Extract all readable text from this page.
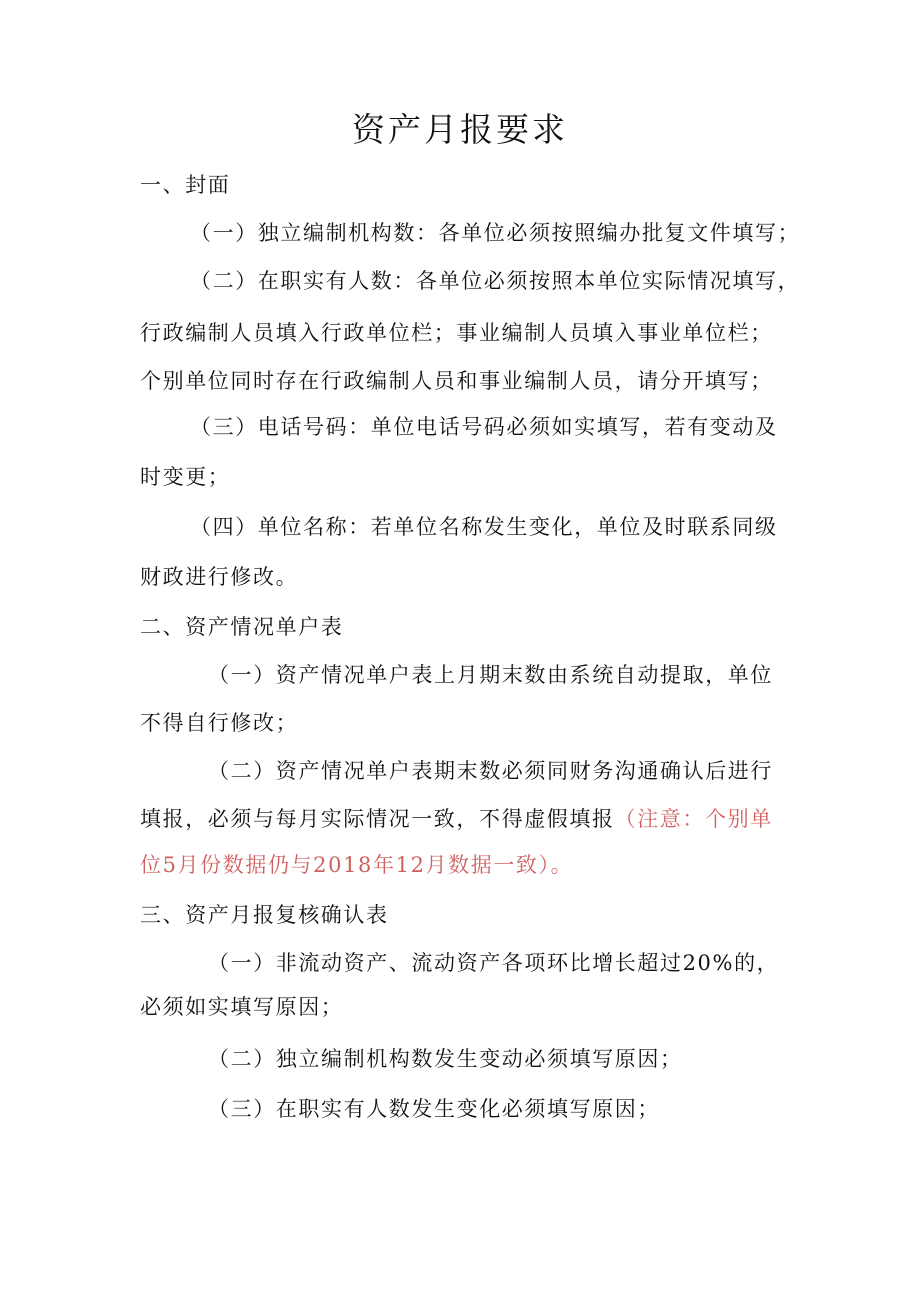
资产月报要求
一、封面
（一）独立编制机构数：各单位必须按照编办批复文件填写；
（二）在职实有人数：各单位必须按照本单位实际情况填写，
行政编制人员填入行政单位栏；事业编制人员填入事业单位栏；
个别单位同时存在行政编制人员和事业编制人员，请分开填写；
（三）电话号码：单位电话号码必须如实填写，若有变动及
时变更；
（四）单位名称：若单位名称发生变化，单位及时联系同级
财政进行修改。
二、资产情况单户表
（一）资产情况单户表上月期末数由系统自动提取，单位
不得自行修改；
（二）资产情况单户表期末数必须同财务沟通确认后进行
填报，必须与每月实际情况一致，不得虚假填报（注意：个别单
位5月份数据仍与2018年12月数据一致）。
三、资产月报复核确认表
（一）非流动资产、流动资产各项环比增长超过20%的，
必须如实填写原因；
（二）独立编制机构数发生变动必须填写原因；
（三）在职实有人数发生变化必须填写原因；
